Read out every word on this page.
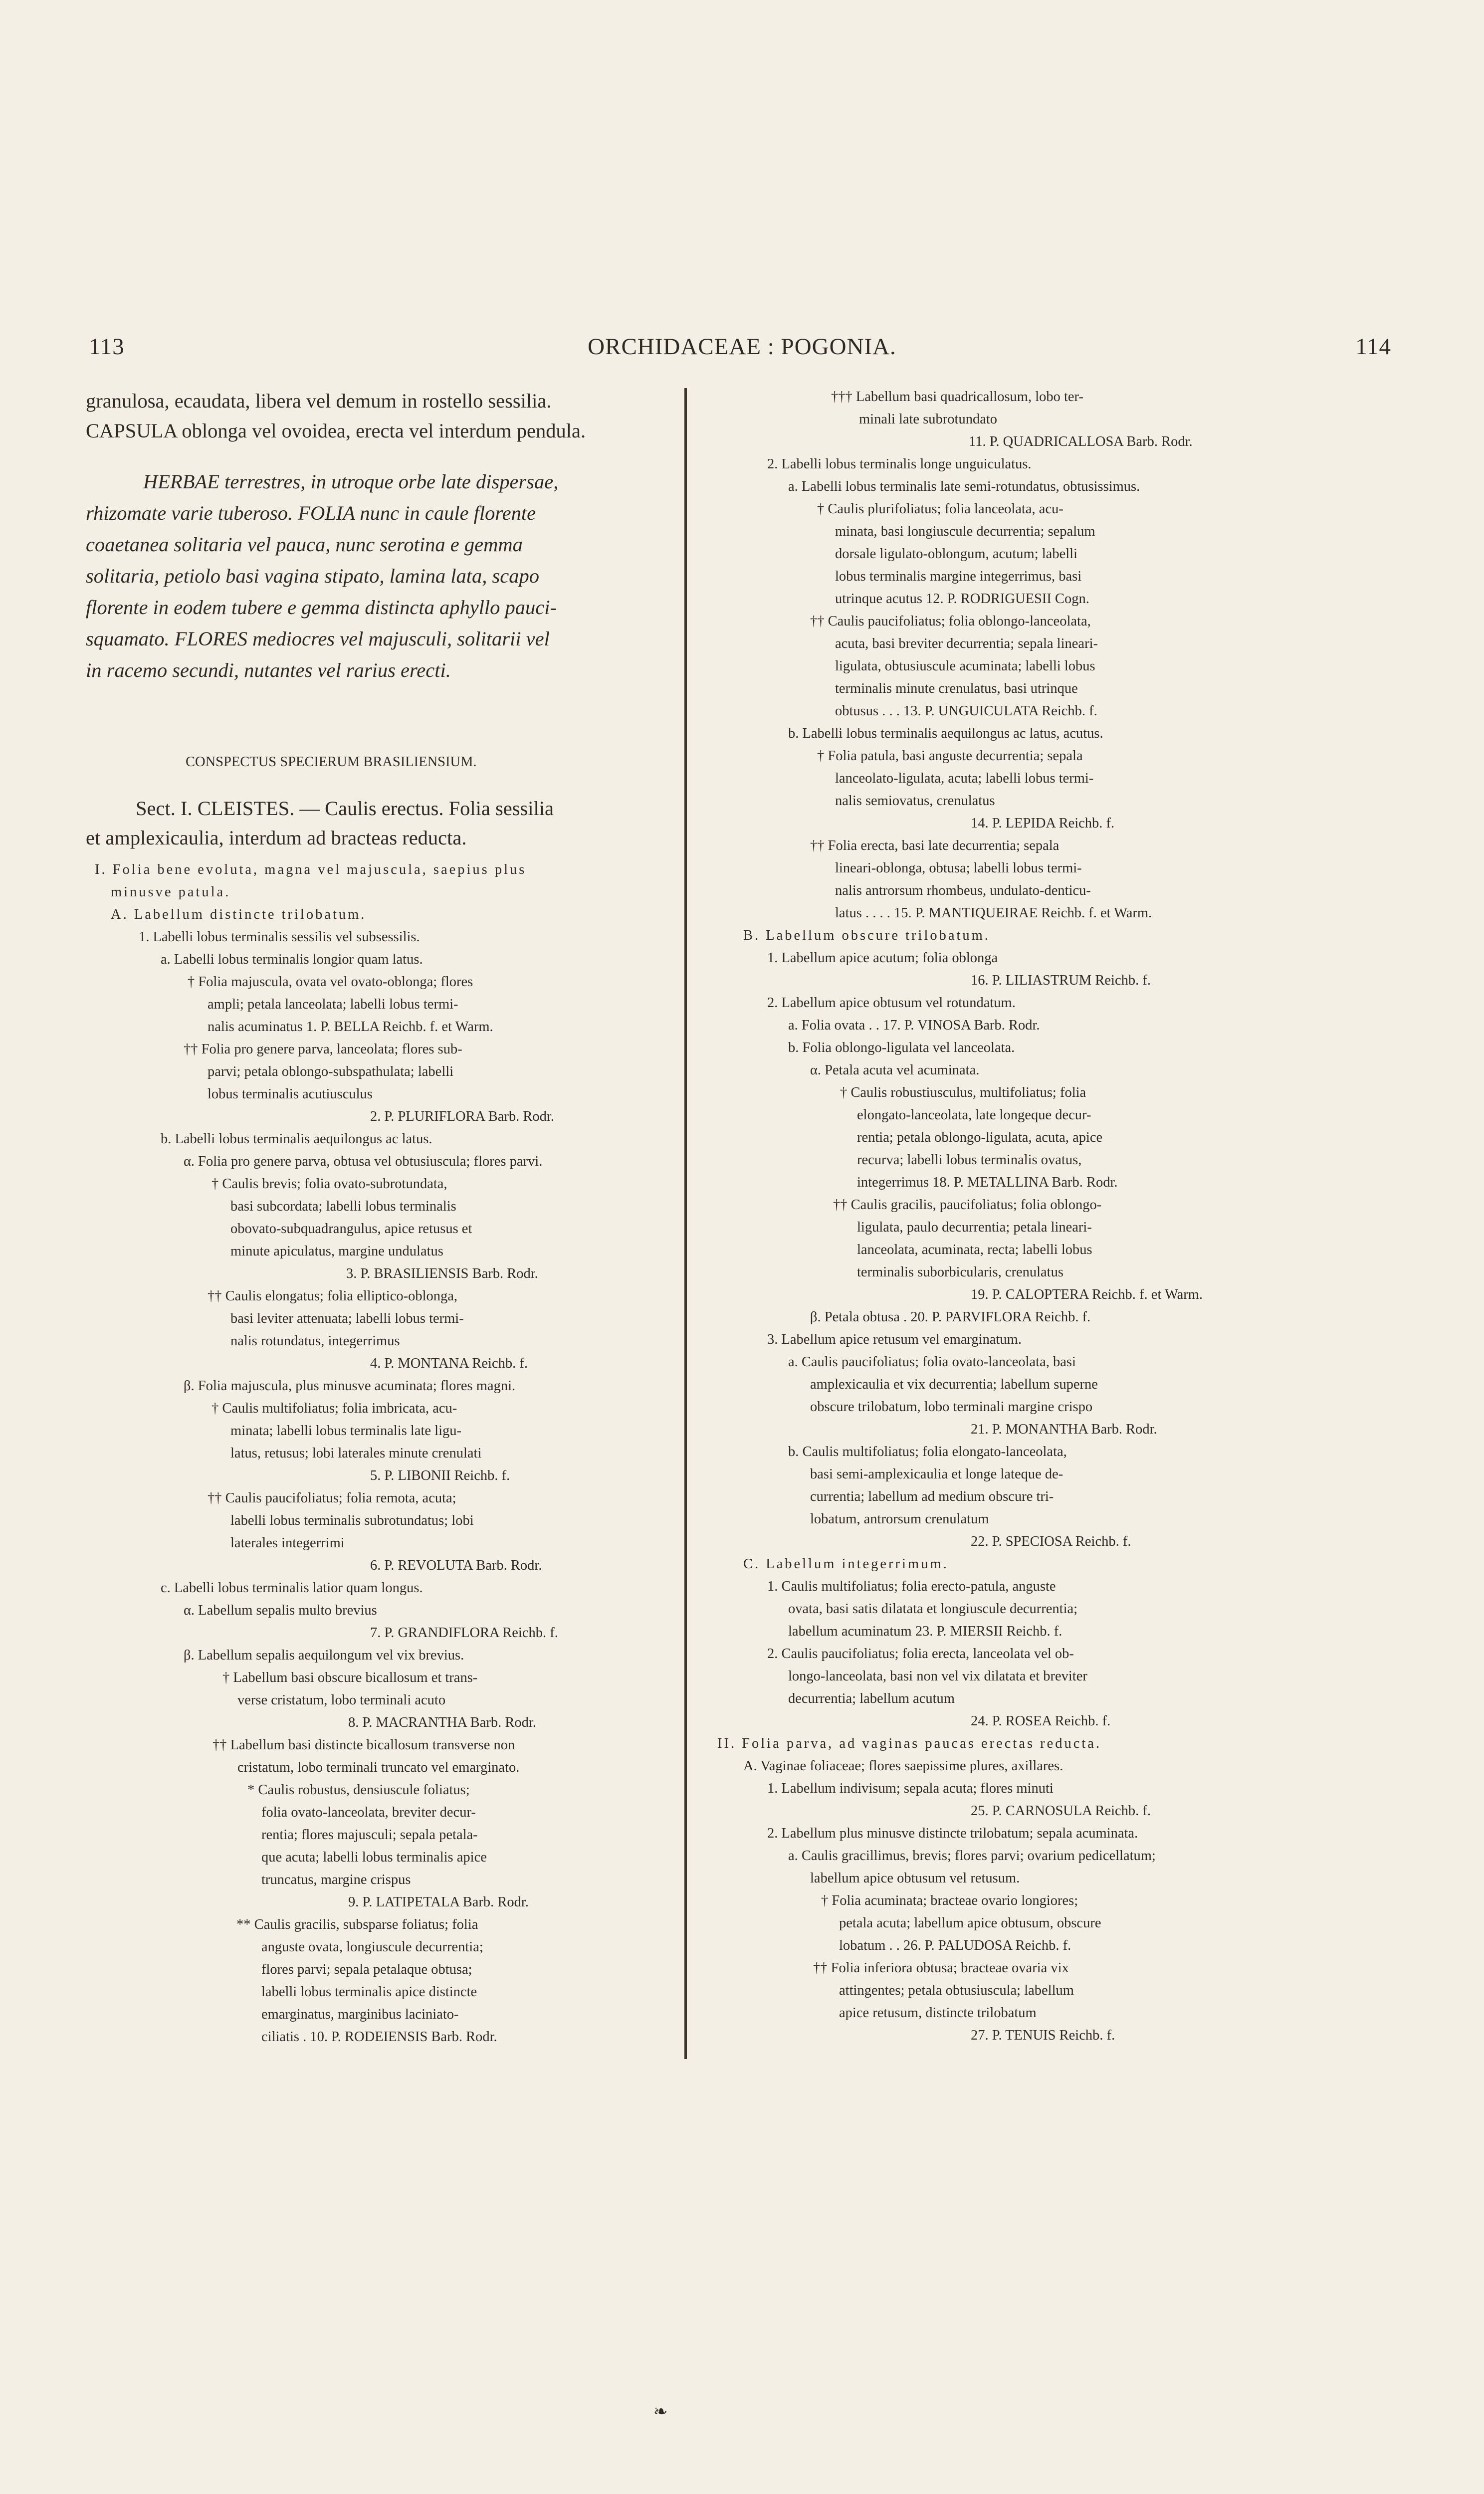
113	ORCHIDACEAE : POGONIA.	114
granulosa, ecaudata, libera vel demum in rostello sessilia.
CAPSULA oblonga vel ovoidea, erecta vel interdum pendula.
HERBAE terrestres, in utroque orbe late dispersae,
rhizomate varie tuberoso. FOLIA nunc in caule florente
coaetanea solitaria vel pauca, nunc serotina e gemma
solitaria, petiolo basi vagina stipato, lamina lata, scapo
florente in eodem tubere e gemma distincta aphyllo pauci-
squamato. FLORES mediocres vel majusculi, solitarii vel
in racemo secundi, nutantes vel rarius erecti.
CONSPECTUS SPECIERUM BRASILIENSIUM.
Sect. I. CLEISTES. — Caulis erectus. Folia sessilia
et amplexicaulia, interdum ad bracteas reducta.
I. Folia bene evoluta, magna vel majuscula, saepius plus
minusve patula.
A. Labellum distincte trilobatum.
1. Labelli lobus terminalis sessilis vel subsessilis.
a. Labelli lobus terminalis longior quam latus.
† Folia majuscula, ovata vel ovato-oblonga; flores
ampli; petala lanceolata; labelli lobus termi-
nalis acuminatus 1. P. BELLA Reichb. f. et Warm.
†† Folia pro genere parva, lanceolata; flores sub-
parvi; petala oblongo-subspathulata; labelli
lobus terminalis acutiusculus
2. P. PLURIFLORA Barb. Rodr.
b. Labelli lobus terminalis aequilongus ac latus.
α. Folia pro genere parva, obtusa vel obtusiuscula; flores parvi.
† Caulis brevis; folia ovato-subrotundata,
basi subcordata; labelli lobus terminalis
obovato-subquadrangulus, apice retusus et
minute apiculatus, margine undulatus
3. P. BRASILIENSIS Barb. Rodr.
†† Caulis elongatus; folia elliptico-oblonga,
basi leviter attenuata; labelli lobus termi-
nalis rotundatus, integerrimus
4. P. MONTANA Reichb. f.
β. Folia majuscula, plus minusve acuminata; flores magni.
† Caulis multifoliatus; folia imbricata, acu-
minata; labelli lobus terminalis late ligu-
latus, retusus; lobi laterales minute crenulati
5. P. LIBONII Reichb. f.
†† Caulis paucifoliatus; folia remota, acuta;
labelli lobus terminalis subrotundatus; lobi
laterales integerrimi
6. P. REVOLUTA Barb. Rodr.
c. Labelli lobus terminalis latior quam longus.
α. Labellum sepalis multo brevius
7. P. GRANDIFLORA Reichb. f.
β. Labellum sepalis aequilongum vel vix brevius.
† Labellum basi obscure bicallosum et trans-
verse cristatum, lobo terminali acuto
8. P. MACRANTHA Barb. Rodr.
†† Labellum basi distincte bicallosum transverse non
cristatum, lobo terminali truncato vel emarginato.
* Caulis robustus, densiuscule foliatus;
folia ovato-lanceolata, breviter decur-
rentia; flores majusculi; sepala petala-
que acuta; labelli lobus terminalis apice
truncatus, margine crispus
9. P. LATIPETALA Barb. Rodr.
** Caulis gracilis, subsparse foliatus; folia
anguste ovata, longiuscule decurrentia;
flores parvi; sepala petalaque obtusa;
labelli lobus terminalis apice distincte
emarginatus, marginibus laciniato-
ciliatis . 10. P. RODEIENSIS Barb. Rodr.
††† Labellum basi quadricallosum, lobo ter-
minali late subrotundato
11. P. QUADRICALLOSA Barb. Rodr.
2. Labelli lobus terminalis longe unguiculatus.
a. Labelli lobus terminalis late semi-rotundatus, obtusissimus.
† Caulis plurifoliatus; folia lanceolata, acu-
minata, basi longiuscule decurrentia; sepalum
dorsale ligulato-oblongum, acutum; labelli
lobus terminalis margine integerrimus, basi
utrinque acutus 12. P. RODRIGUESII Cogn.
†† Caulis paucifoliatus; folia oblongo-lanceolata,
acuta, basi breviter decurrentia; sepala lineari-
ligulata, obtusiuscule acuminata; labelli lobus
terminalis minute crenulatus, basi utrinque
obtusus . . . 13. P. UNGUICULATA Reichb. f.
b. Labelli lobus terminalis aequilongus ac latus, acutus.
† Folia patula, basi anguste decurrentia; sepala
lanceolato-ligulata, acuta; labelli lobus termi-
nalis semiovatus, crenulatus
14. P. LEPIDA Reichb. f.
†† Folia erecta, basi late decurrentia; sepala
lineari-oblonga, obtusa; labelli lobus termi-
nalis antrorsum rhombeus, undulato-denticu-
latus . . . . 15. P. MANTIQUEIRAE Reichb. f. et Warm.
B. Labellum obscure trilobatum.
1. Labellum apice acutum; folia oblonga
16. P. LILIASTRUM Reichb. f.
2. Labellum apice obtusum vel rotundatum.
a. Folia ovata . . 17. P. VINOSA Barb. Rodr.
b. Folia oblongo-ligulata vel lanceolata.
α. Petala acuta vel acuminata.
† Caulis robustiusculus, multifoliatus; folia
elongato-lanceolata, late longeque decur-
rentia; petala oblongo-ligulata, acuta, apice
recurva; labelli lobus terminalis ovatus,
integerrimus 18. P. METALLINA Barb. Rodr.
†† Caulis gracilis, paucifoliatus; folia oblongo-
ligulata, paulo decurrentia; petala lineari-
lanceolata, acuminata, recta; labelli lobus
terminalis suborbicularis, crenulatus
19. P. CALOPTERA Reichb. f. et Warm.
β. Petala obtusa . 20. P. PARVIFLORA Reichb. f.
3. Labellum apice retusum vel emarginatum.
a. Caulis paucifoliatus; folia ovato-lanceolata, basi
amplexicaulia et vix decurrentia; labellum superne
obscure trilobatum, lobo terminali margine crispo
21. P. MONANTHA Barb. Rodr.
b. Caulis multifoliatus; folia elongato-lanceolata,
basi semi-amplexicaulia et longe lateque de-
currentia; labellum ad medium obscure tri-
lobatum, antrorsum crenulatum
22. P. SPECIOSA Reichb. f.
C. Labellum integerrimum.
1. Caulis multifoliatus; folia erecto-patula, anguste
ovata, basi satis dilatata et longiuscule decurrentia;
labellum acuminatum 23. P. MIERSII Reichb. f.
2. Caulis paucifoliatus; folia erecta, lanceolata vel ob-
longo-lanceolata, basi non vel vix dilatata et breviter
decurrentia; labellum acutum
24. P. ROSEA Reichb. f.
II. Folia parva, ad vaginas paucas erectas reducta.
A. Vaginae foliaceae; flores saepissime plures, axillares.
1. Labellum indivisum; sepala acuta; flores minuti
25. P. CARNOSULA Reichb. f.
2. Labellum plus minusve distincte trilobatum; sepala acuminata.
a. Caulis gracillimus, brevis; flores parvi; ovarium pedicellatum;
labellum apice obtusum vel retusum.
† Folia acuminata; bracteae ovario longiores;
petala acuta; labellum apice obtusum, obscure
lobatum . . 26. P. PALUDOSA Reichb. f.
†† Folia inferiora obtusa; bracteae ovaria vix
attingentes; petala obtusiuscula; labellum
apice retusum, distincte trilobatum
27. P. TENUIS Reichb. f.
❧
